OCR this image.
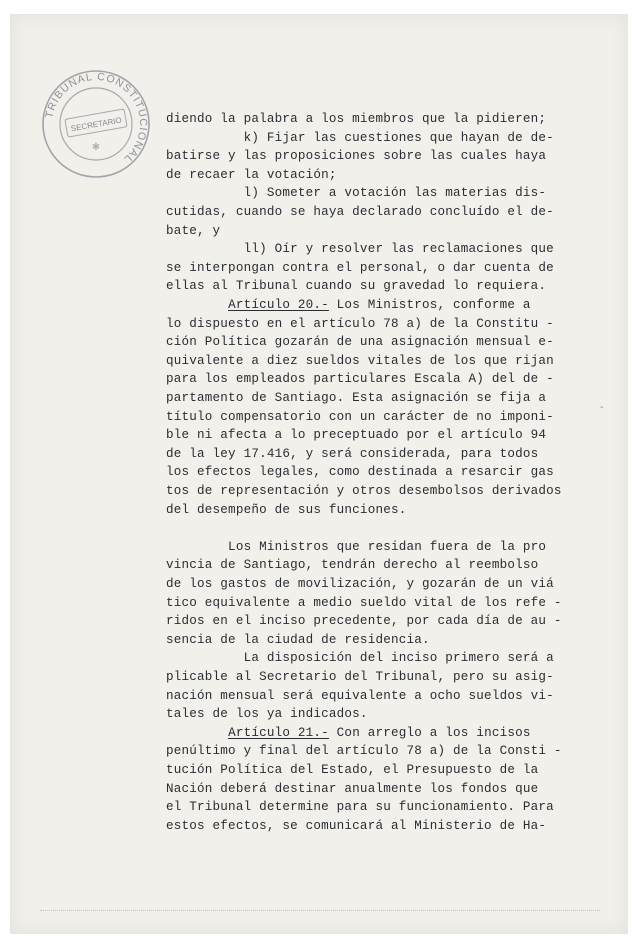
TRIBUNAL CONSTITUCIONAL
SECRETARIO
✱
diendo la palabra a los miembros que la pidieren;
k) Fijar las cuestiones que hayan de de-
batirse y las proposiciones sobre las cuales haya
de recaer la votación;
l) Someter a votación las materias dis-
cutidas, cuando se haya declarado concluído el de-
bate, y
ll) Oír y resolver las reclamaciones que
se interpongan contra el personal, o dar cuenta de
ellas al Tribunal cuando su gravedad lo requiera.
Artículo 20.- Los Ministros, conforme a
lo dispuesto en el artículo 78 a) de la Constitu -
ción Política gozarán de una asignación mensual e-
quivalente a diez sueldos vitales de los que rijan
para los empleados particulares Escala A) del de -
partamento de Santiago. Esta asignación se fija a
título compensatorio con un carácter de no imponi-
ble ni afecta a lo preceptuado por el artículo 94
de la ley 17.416, y será considerada, para todos
los efectos legales, como destinada a resarcir gas
tos de representación y otros desembolsos derivados
del desempeño de sus funciones.
Los Ministros que residan fuera de la pro
vincia de Santiago, tendrán derecho al reembolso
de los gastos de movilización, y gozarán de un viá
tico equivalente a medio sueldo vital de los refe -
ridos en el inciso precedente, por cada día de au -
sencia de la ciudad de residencia.
La disposición del inciso primero será a
plicable al Secretario del Tribunal, pero su asig-
nación mensual será equivalente a ocho sueldos vi-
tales de los ya indicados.
Artículo 21.- Con arreglo a los incisos
penúltimo y final del artículo 78 a) de la Consti -
tución Política del Estado, el Presupuesto de la
Nación deberá destinar anualmente los fondos que
el Tribunal determine para su funcionamiento. Para
estos efectos, se comunicará al Ministerio de Ha-
-
